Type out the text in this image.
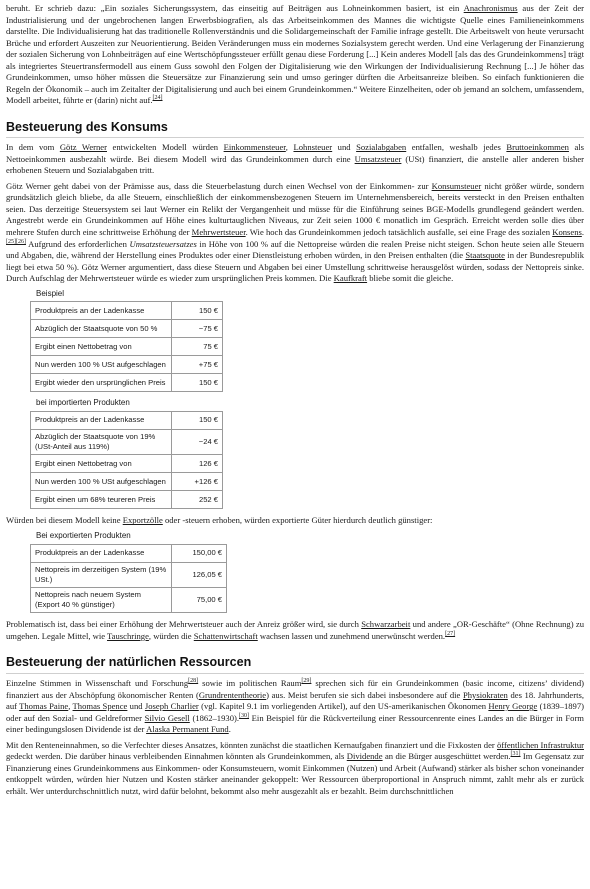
beruht. Er schrieb dazu: „Ein soziales Sicherungssystem, das einseitig auf Beiträgen aus Lohneinkommen basiert, ist ein Anachronismus aus der Zeit der Industrialisierung und der ungebrochenen langen Erwerbsbiografien, als das Arbeitseinkommen des Mannes die wichtigste Quelle eines Familieneinkommens darstellte. Die Individualisierung hat das traditionelle Rollenverständnis und die Solidargemeinschaft der Familie infrage gestellt. Die Arbeitswelt von heute verursacht Brüche und erfordert Auszeiten zur Neuorientierung. Beiden Veränderungen muss ein modernes Sozialsystem gerecht werden. Und eine Verlagerung der Finanzierung der sozialen Sicherung von Lohnbeiträgen auf eine Wertschöpfungssteuer erfüllt genau diese Forderung [...] Kein anderes Modell [als das des Grundeinkommens] trägt als integriertes Steuertransfermodell aus einem Guss sowohl den Folgen der Digitalisierung wie den Wirkungen der Individualisierung Rechnung [...] Je höher das Grundeinkommen, umso höher müssen die Steuersätze zur Finanzierung sein und umso geringer dürften die Arbeitsanreize bleiben. So einfach funktionieren die Regeln der Ökonomik – auch im Zeitalter der Digitalisierung und auch bei einem Grundeinkommen.“ Weitere Einzelheiten, oder ob jemand an solchem, umfassendem, Modell arbeitet, führte er (darin) nicht auf.[24]

Besteuerung des Konsums

In dem vom Götz Werner entwickelten Modell würden Einkommensteuer, Lohnsteuer und Sozialabgaben entfallen, weshalb jedes Bruttoeinkommen als Nettoeinkommen ausbezahlt würde. Bei diesem Modell wird das Grundeinkommen durch eine Umsatzsteuer (USt) finanziert, die anstelle aller anderen bisher erhobenen Steuern und Sozialabgaben tritt.

Götz Werner geht dabei von der Prämisse aus, dass die Steuerbelastung durch einen Wechsel von der Einkommen- zur Konsumsteuer nicht größer würde, sondern grundsätzlich gleich bliebe, da alle Steuern, einschließlich der einkommensbezogenen Steuern im Unternehmensbereich, bereits versteckt in den Preisen enthalten seien. Das derzeitige Steuersystem sei laut Werner ein Relikt der Vergangenheit und müsse für die Einführung seines BGE-Modells grundlegend geändert werden. Angestrebt werde ein Grundeinkommen auf Höhe eines kulturtauglichen Niveaus, zur Zeit seien 1000 € monatlich im Gespräch. Erreicht werden solle dies über mehrere Stufen durch eine schrittweise Erhöhung der Mehrwertsteuer. Wie hoch das Grundeinkommen jedoch tatsächlich ausfalle, sei eine Frage des sozialen Konsens.[25][26] Aufgrund des erforderlichen Umsatzsteuersatzes in Höhe von 100 % auf die Nettopreise würden die realen Preise nicht steigen. Schon heute seien alle Steuern und Abgaben, die, während der Herstellung eines Produktes oder einer Dienstleistung erhoben würden, in den Preisen enthalten (die Staatsquote in der Bundesrepublik liegt bei etwa 50 %). Götz Werner argumentiert, dass diese Steuern und Abgaben bei einer Umstellung schrittweise herausgelöst würden, sodass der Nettopreis sinke. Durch Aufschlag der Mehrwertsteuer würde es wieder zum ursprünglichen Preis kommen. Die Kaufkraft bliebe somit die gleiche.

Beispiel
Produktpreis an der Ladenkasse	150 €
Abzüglich der Staatsquote von 50 %	−75 €
Ergibt einen Nettobetrag von	75 €
Nun werden 100 % USt aufgeschlagen	+75 €
Ergibt wieder den ursprünglichen Preis	150 €
bei importierten Produkten
Produktpreis an der Ladenkasse	150 €
Abzüglich der Staatsquote von 19% (USt-Anteil aus 119%)	−24 €
Ergibt einen Nettobetrag von	126 €
Nun werden 100 % USt aufgeschlagen	+126 €
Ergibt einen um 68% teureren Preis	252 €

Würden bei diesem Modell keine Exportzölle oder -steuern erhoben, würden exportierte Güter hierdurch deutlich günstiger:

Bei exportierten Produkten
Produktpreis an der Ladenkasse	150,00 €
Nettopreis im derzeitigen System (19% USt.)	126,05 €
Nettopreis nach neuem System (Export 40 % günstiger)	75,00 €

Problematisch ist, dass bei einer Erhöhung der Mehrwertsteuer auch der Anreiz größer wird, sie durch Schwarzarbeit und andere „OR-Geschäfte“ (Ohne Rechnung) zu umgehen. Legale Mittel, wie Tauschringe, würden die Schattenwirtschaft wachsen lassen und zunehmend unerwünscht werden.[27]

Besteuerung der natürlichen Ressourcen

Einzelne Stimmen in Wissenschaft und Forschung[28] sowie im politischen Raum[29] sprechen sich für ein Grundeinkommen (basic income, citizens’ dividend) finanziert aus der Abschöpfung ökonomischer Renten (Grundrententheorie) aus. Meist berufen sie sich dabei insbesondere auf die Physiokraten des 18. Jahrhunderts, auf Thomas Paine, Thomas Spence und Joseph Charlier (vgl. Kapitel 9.1 im vorliegenden Artikel), auf den US-amerikanischen Ökonomen Henry George (1839–1897) oder auf den Sozial- und Geldreformer Silvio Gesell (1862–1930).[30] Ein Beispiel für die Rückverteilung einer Ressourcenrente eines Landes an die Bürger in Form einer bedingungslosen Dividende ist der Alaska Permanent Fund.

Mit den Renteneinnahmen, so die Verfechter dieses Ansatzes, könnten zunächst die staatlichen Kernaufgaben finanziert und die Fixkosten der öffentlichen Infrastruktur gedeckt werden. Die darüber hinaus verbleibenden Einnahmen könnten als Grundeinkommen, als Dividende an die Bürger ausgeschüttet werden.[31] Im Gegensatz zur Finanzierung eines Grundeinkommens aus Einkommen- oder Konsumsteuern, womit Einkommen (Nutzen) und Arbeit (Aufwand) stärker als bisher schon voneinander entkoppelt würden, würden hier Nutzen und Kosten stärker aneinander gekoppelt: Wer Ressourcen überproportional in Anspruch nimmt, zahlt mehr als er zurück erhält. Wer unterdurchschnittlich nutzt, wird dafür belohnt, bekommt also mehr ausgezahlt als er bezahlt. Beim durchschnittlichen
